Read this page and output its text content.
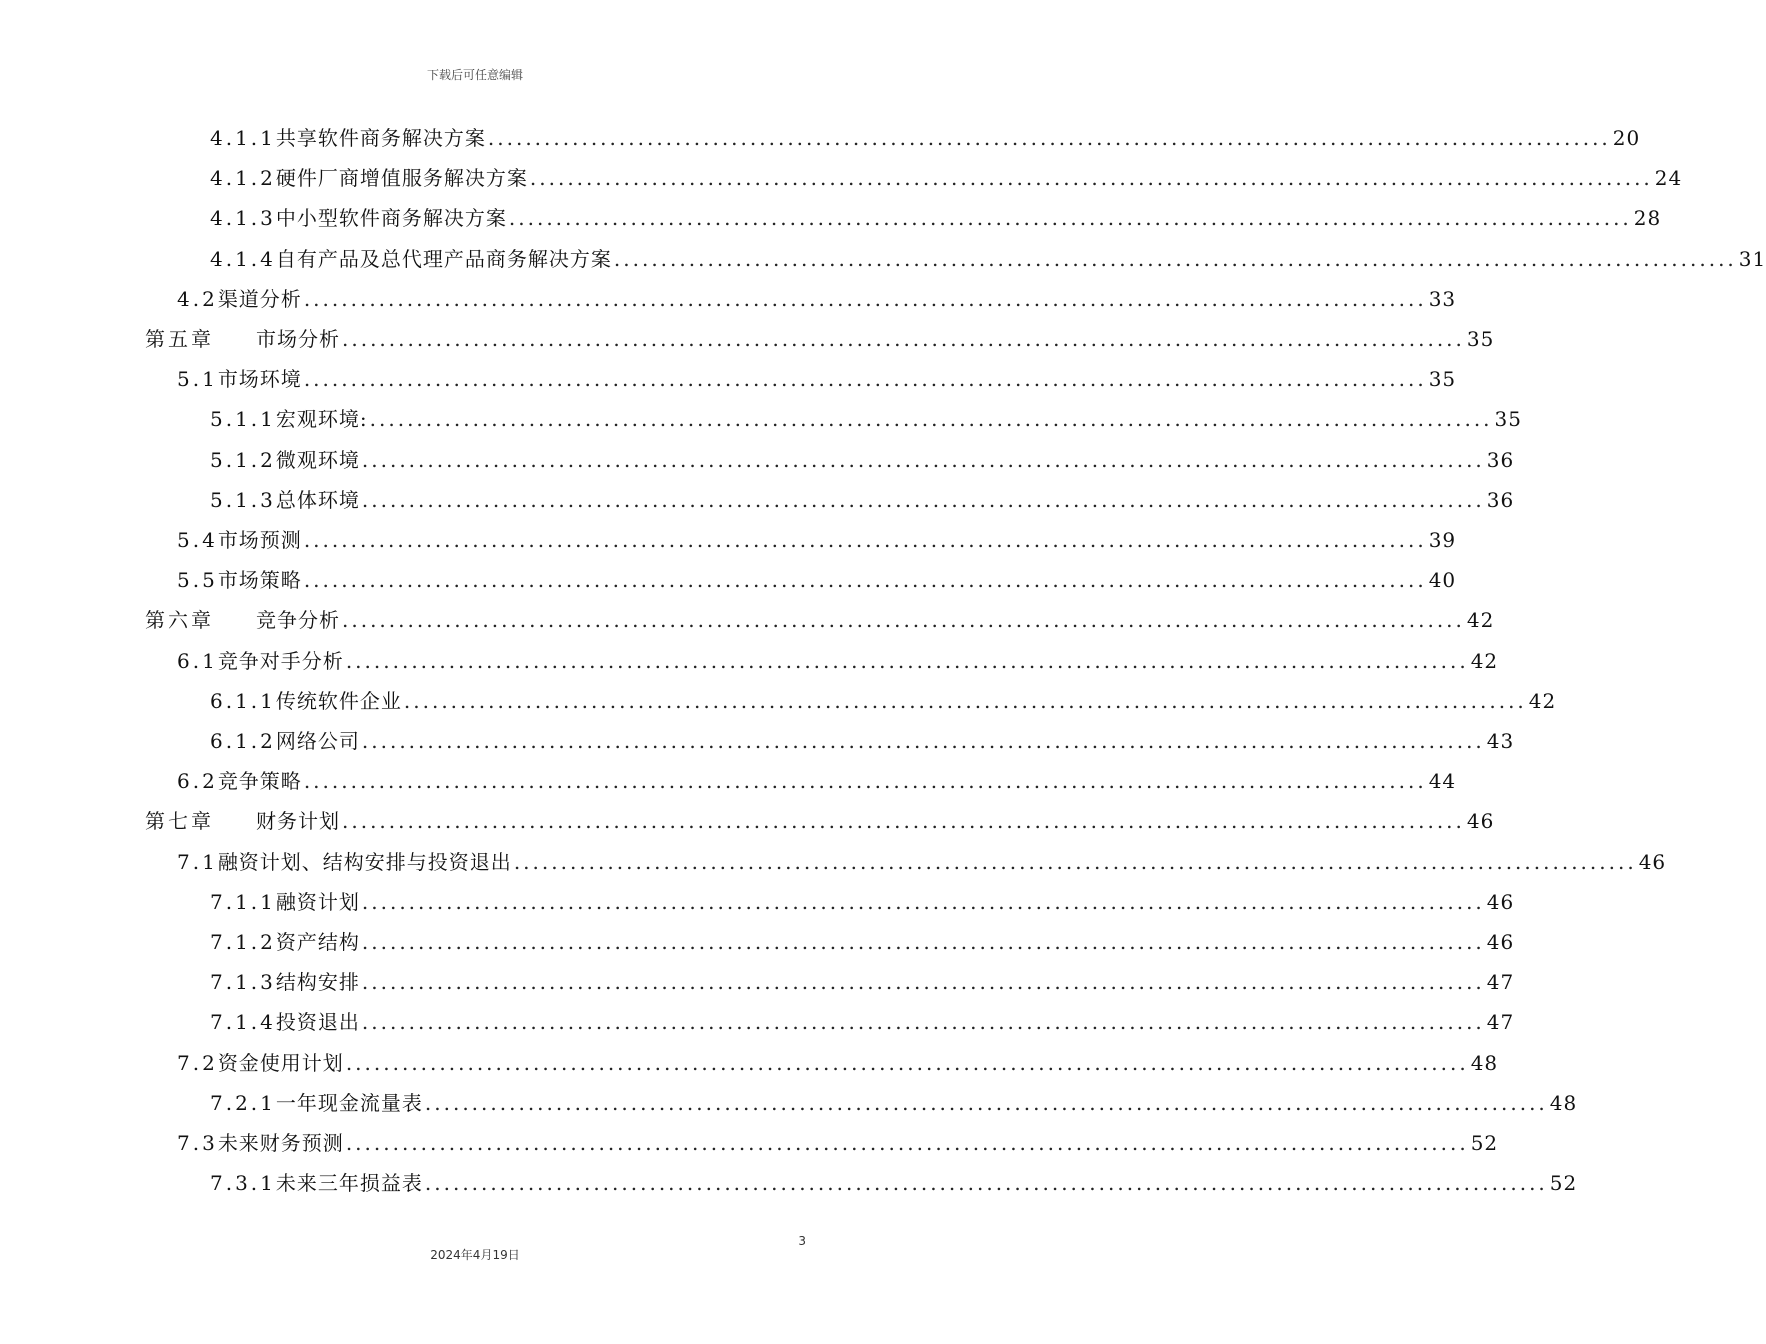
下载后可任意编辑
4.1.1 共享软件商务解决方案 ........................................................................................................................ 20
4.1.2 硬件厂商增值服务解决方案 ........................................................................................................................ 24
4.1.3 中小型软件商务解决方案 ........................................................................................................................ 28
4.1.4 自有产品及总代理产品商务解决方案 ........................................................................................................................ 31
4.2 渠道分析 ........................................................................................................................ 33
第五章 　　市场分析 ........................................................................................................................ 35
5.1 市场环境 ........................................................................................................................ 35
5.1.1 宏观环境: ........................................................................................................................ 35
5.1.2 微观环境 ........................................................................................................................ 36
5.1.3 总体环境 ........................................................................................................................ 36
5.4 市场预测 ........................................................................................................................ 39
5.5 市场策略 ........................................................................................................................ 40
第六章 　　竞争分析 ........................................................................................................................ 42
6.1 竞争对手分析 ........................................................................................................................ 42
6.1.1 传统软件企业 ........................................................................................................................ 42
6.1.2 网络公司 ........................................................................................................................ 43
6.2 竞争策略 ........................................................................................................................ 44
第七章 　　财务计划 ........................................................................................................................ 46
7.1 融资计划、结构安排与投资退出 ........................................................................................................................ 46
7.1.1 融资计划 ........................................................................................................................ 46
7.1.2 资产结构 ........................................................................................................................ 46
7.1.3 结构安排 ........................................................................................................................ 47
7.1.4 投资退出 ........................................................................................................................ 47
7.2 资金使用计划 ........................................................................................................................ 48
7.2.1 一年现金流量表 ........................................................................................................................ 48
7.3 未来财务预测 ........................................................................................................................ 52
7.3.1 未来三年损益表 ........................................................................................................................ 52
3
2024年4月19日
